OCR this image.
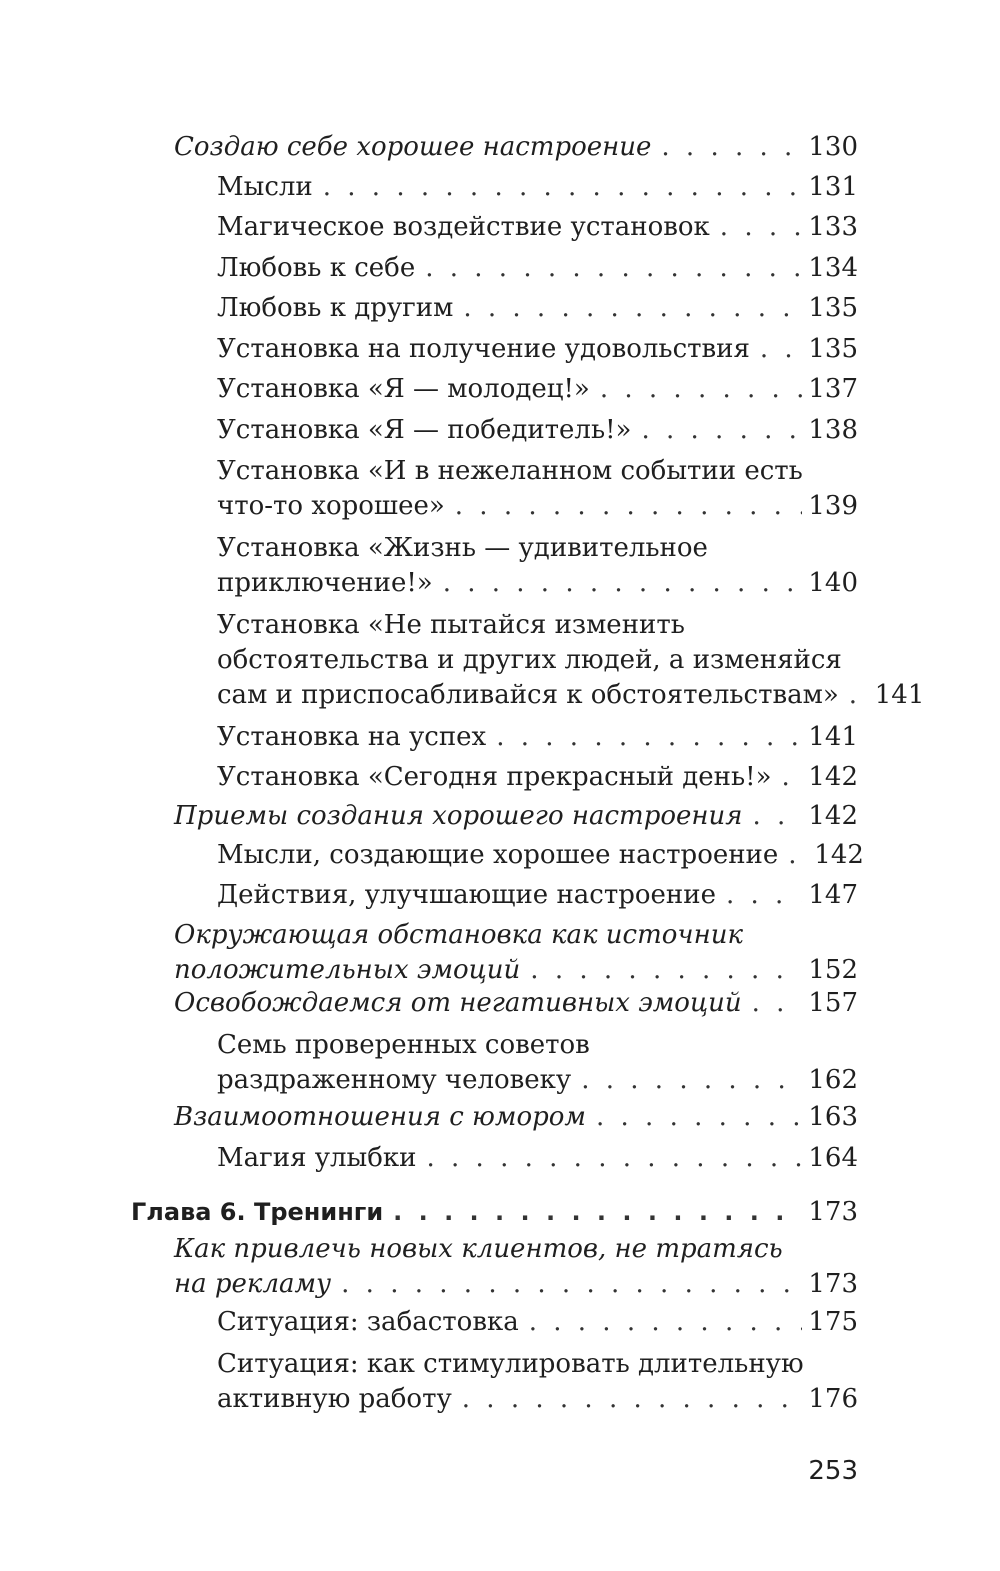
Создаю себе хорошее настроение . . .	130
Мысли . . .	131
Магическое воздействие установок . . .	133
Любовь к себе . . .	134
Любовь к другим . . .	135
Установка на получение удовольствия . . . 135
Установка «Я — молодец!» . . .	137
Установка «Я — победитель!» . . .	138
Установка «И в нежеланном событии есть
что-то хорошее» . . .	139
Установка «Жизнь — удивительное
приключение!» . . .	140
Установка «Не пытайся изменить
обстоятельства и других людей, а изменяйся
сам и приспосабливайся к обстоятельствам» . . . 141
Установка на успех . . .	141
Установка «Сегодня прекрасный день!» . . . 142
Приемы создания хорошего настроения . . .	142
Мысли, создающие хорошее настроение . . . 142
Действия, улучшающие настроение . . .	147
Окружающая обстановка как источник
положительных эмоций . . .	152
Освобождаемся от негативных эмоций . . .	157
Семь проверенных советов
раздраженному человеку . . .	162
Взаимоотношения с юмором . . .	163
Магия улыбки . . .	164
Глава 6. Тренинги . . .	173
Как привлечь новых клиентов, не тратясь
на рекламу . . .	173
Ситуация: забастовка . . .	175
Ситуация: как стимулировать длительную
активную работу . . .	176
253
